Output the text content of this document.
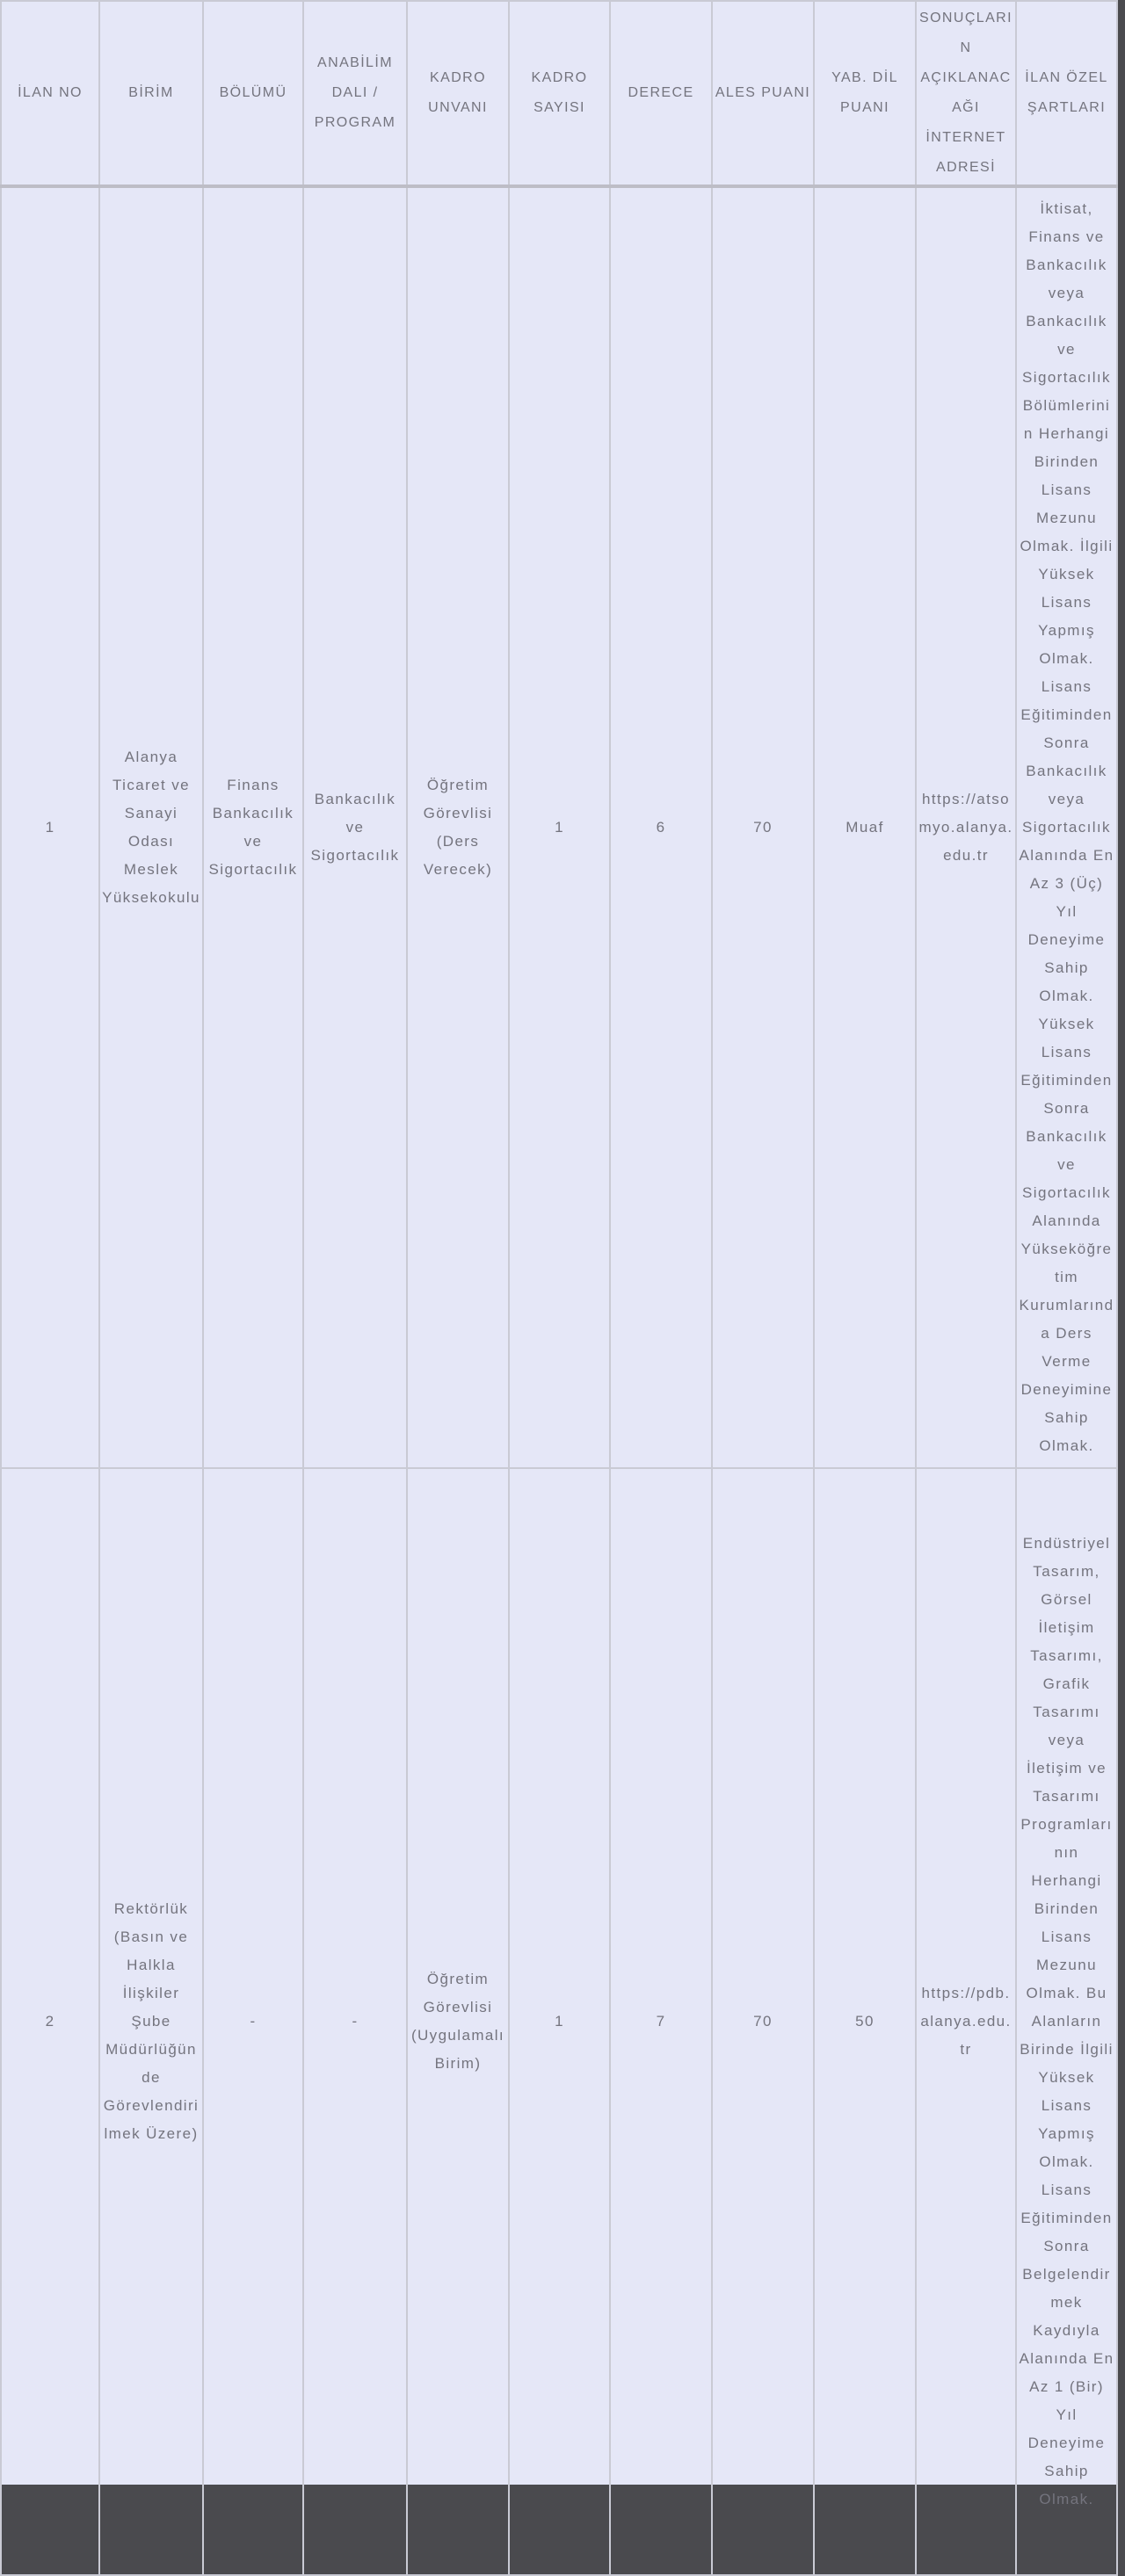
İLAN NO	BİRİM	BÖLÜMÜ	ANABİLİM DALI / PROGRAM	KADRO UNVANI	KADRO SAYISI	DERECE	ALES PUANI	YAB. DİL PUANI	SONUÇLARIN AÇIKLANACAĞI İNTERNET ADRESİ	İLAN ÖZEL ŞARTLARI
1	Alanya Ticaret ve Sanayi Odası Meslek Yüksekokulu	Finans Bankacılık ve Sigortacılık	Bankacılık ve Sigortacılık	Öğretim Görevlisi (Ders Verecek)	1	6	70	Muaf	https://atsomyo.alanya.edu.tr	İktisat, Finans ve Bankacılık veya Bankacılık ve Sigortacılık Bölümlerinin Herhangi Birinden Lisans Mezunu Olmak. İlgili Yüksek Lisans Yapmış Olmak. Lisans Eğitiminden Sonra Bankacılık veya Sigortacılık Alanında En Az 3 (Üç) Yıl Deneyime Sahip Olmak. Yüksek Lisans Eğitiminden Sonra Bankacılık ve Sigortacılık Alanında Yükseköğretim Kurumlarında Ders Verme Deneyimine Sahip Olmak.
2	Rektörlük (Basın ve Halkla İlişkiler Şube Müdürlüğünde Görevlendirilmek Üzere)	-	-	Öğretim Görevlisi (Uygulamalı Birim)	1	7	70	50	https://pdb.alanya.edu.tr	Endüstriyel Tasarım, Görsel İletişim Tasarımı, Grafik Tasarımı veya İletişim ve Tasarımı Programlarının Herhangi Birinden Lisans Mezunu Olmak. Bu Alanların Birinde İlgili Yüksek Lisans Yapmış Olmak. Lisans Eğitiminden Sonra Belgelendirmek Kaydıyla Alanında En Az 1 (Bir) Yıl Deneyime Sahip Olmak.
